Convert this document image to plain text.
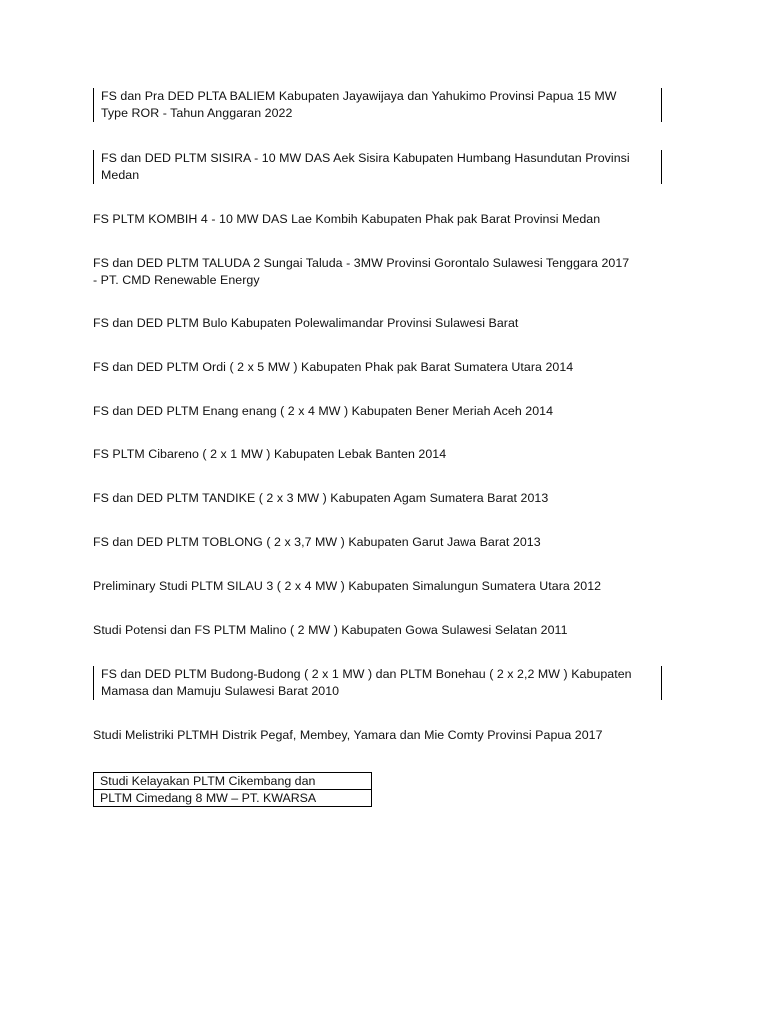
FS dan Pra DED PLTA BALIEM Kabupaten Jayawijaya dan Yahukimo Provinsi Papua 15 MW
Type ROR - Tahun Anggaran 2022
FS dan DED PLTM SISIRA - 10 MW DAS Aek Sisira Kabupaten Humbang Hasundutan Provinsi
Medan
FS PLTM KOMBIH 4 - 10 MW DAS Lae Kombih Kabupaten Phak pak Barat Provinsi Medan
FS dan DED PLTM TALUDA 2 Sungai Taluda - 3MW Provinsi Gorontalo Sulawesi Tenggara 2017
- PT. CMD Renewable Energy
FS dan DED PLTM Bulo Kabupaten Polewalimandar Provinsi Sulawesi Barat
FS dan DED PLTM Ordi ( 2 x 5 MW ) Kabupaten Phak pak Barat Sumatera Utara 2014
FS dan DED PLTM Enang enang ( 2 x 4 MW ) Kabupaten Bener Meriah Aceh 2014
FS PLTM Cibareno ( 2 x 1 MW ) Kabupaten Lebak Banten 2014
FS dan DED PLTM TANDIKE ( 2 x 3 MW ) Kabupaten Agam Sumatera Barat 2013
FS dan DED PLTM TOBLONG ( 2 x 3,7 MW ) Kabupaten Garut Jawa Barat 2013
Preliminary Studi PLTM SILAU 3 ( 2 x 4 MW ) Kabupaten Simalungun Sumatera Utara 2012
Studi Potensi dan FS PLTM Malino ( 2 MW ) Kabupaten Gowa Sulawesi Selatan 2011
FS dan DED PLTM Budong-Budong ( 2 x 1 MW ) dan PLTM Bonehau ( 2 x 2,2 MW ) Kabupaten
Mamasa dan Mamuju Sulawesi Barat 2010
Studi Melistriki PLTMH Distrik Pegaf, Membey, Yamara dan Mie Comty Provinsi Papua 2017
Studi Kelayakan PLTM Cikembang dan
PLTM Cimedang 8 MW – PT. KWARSA
